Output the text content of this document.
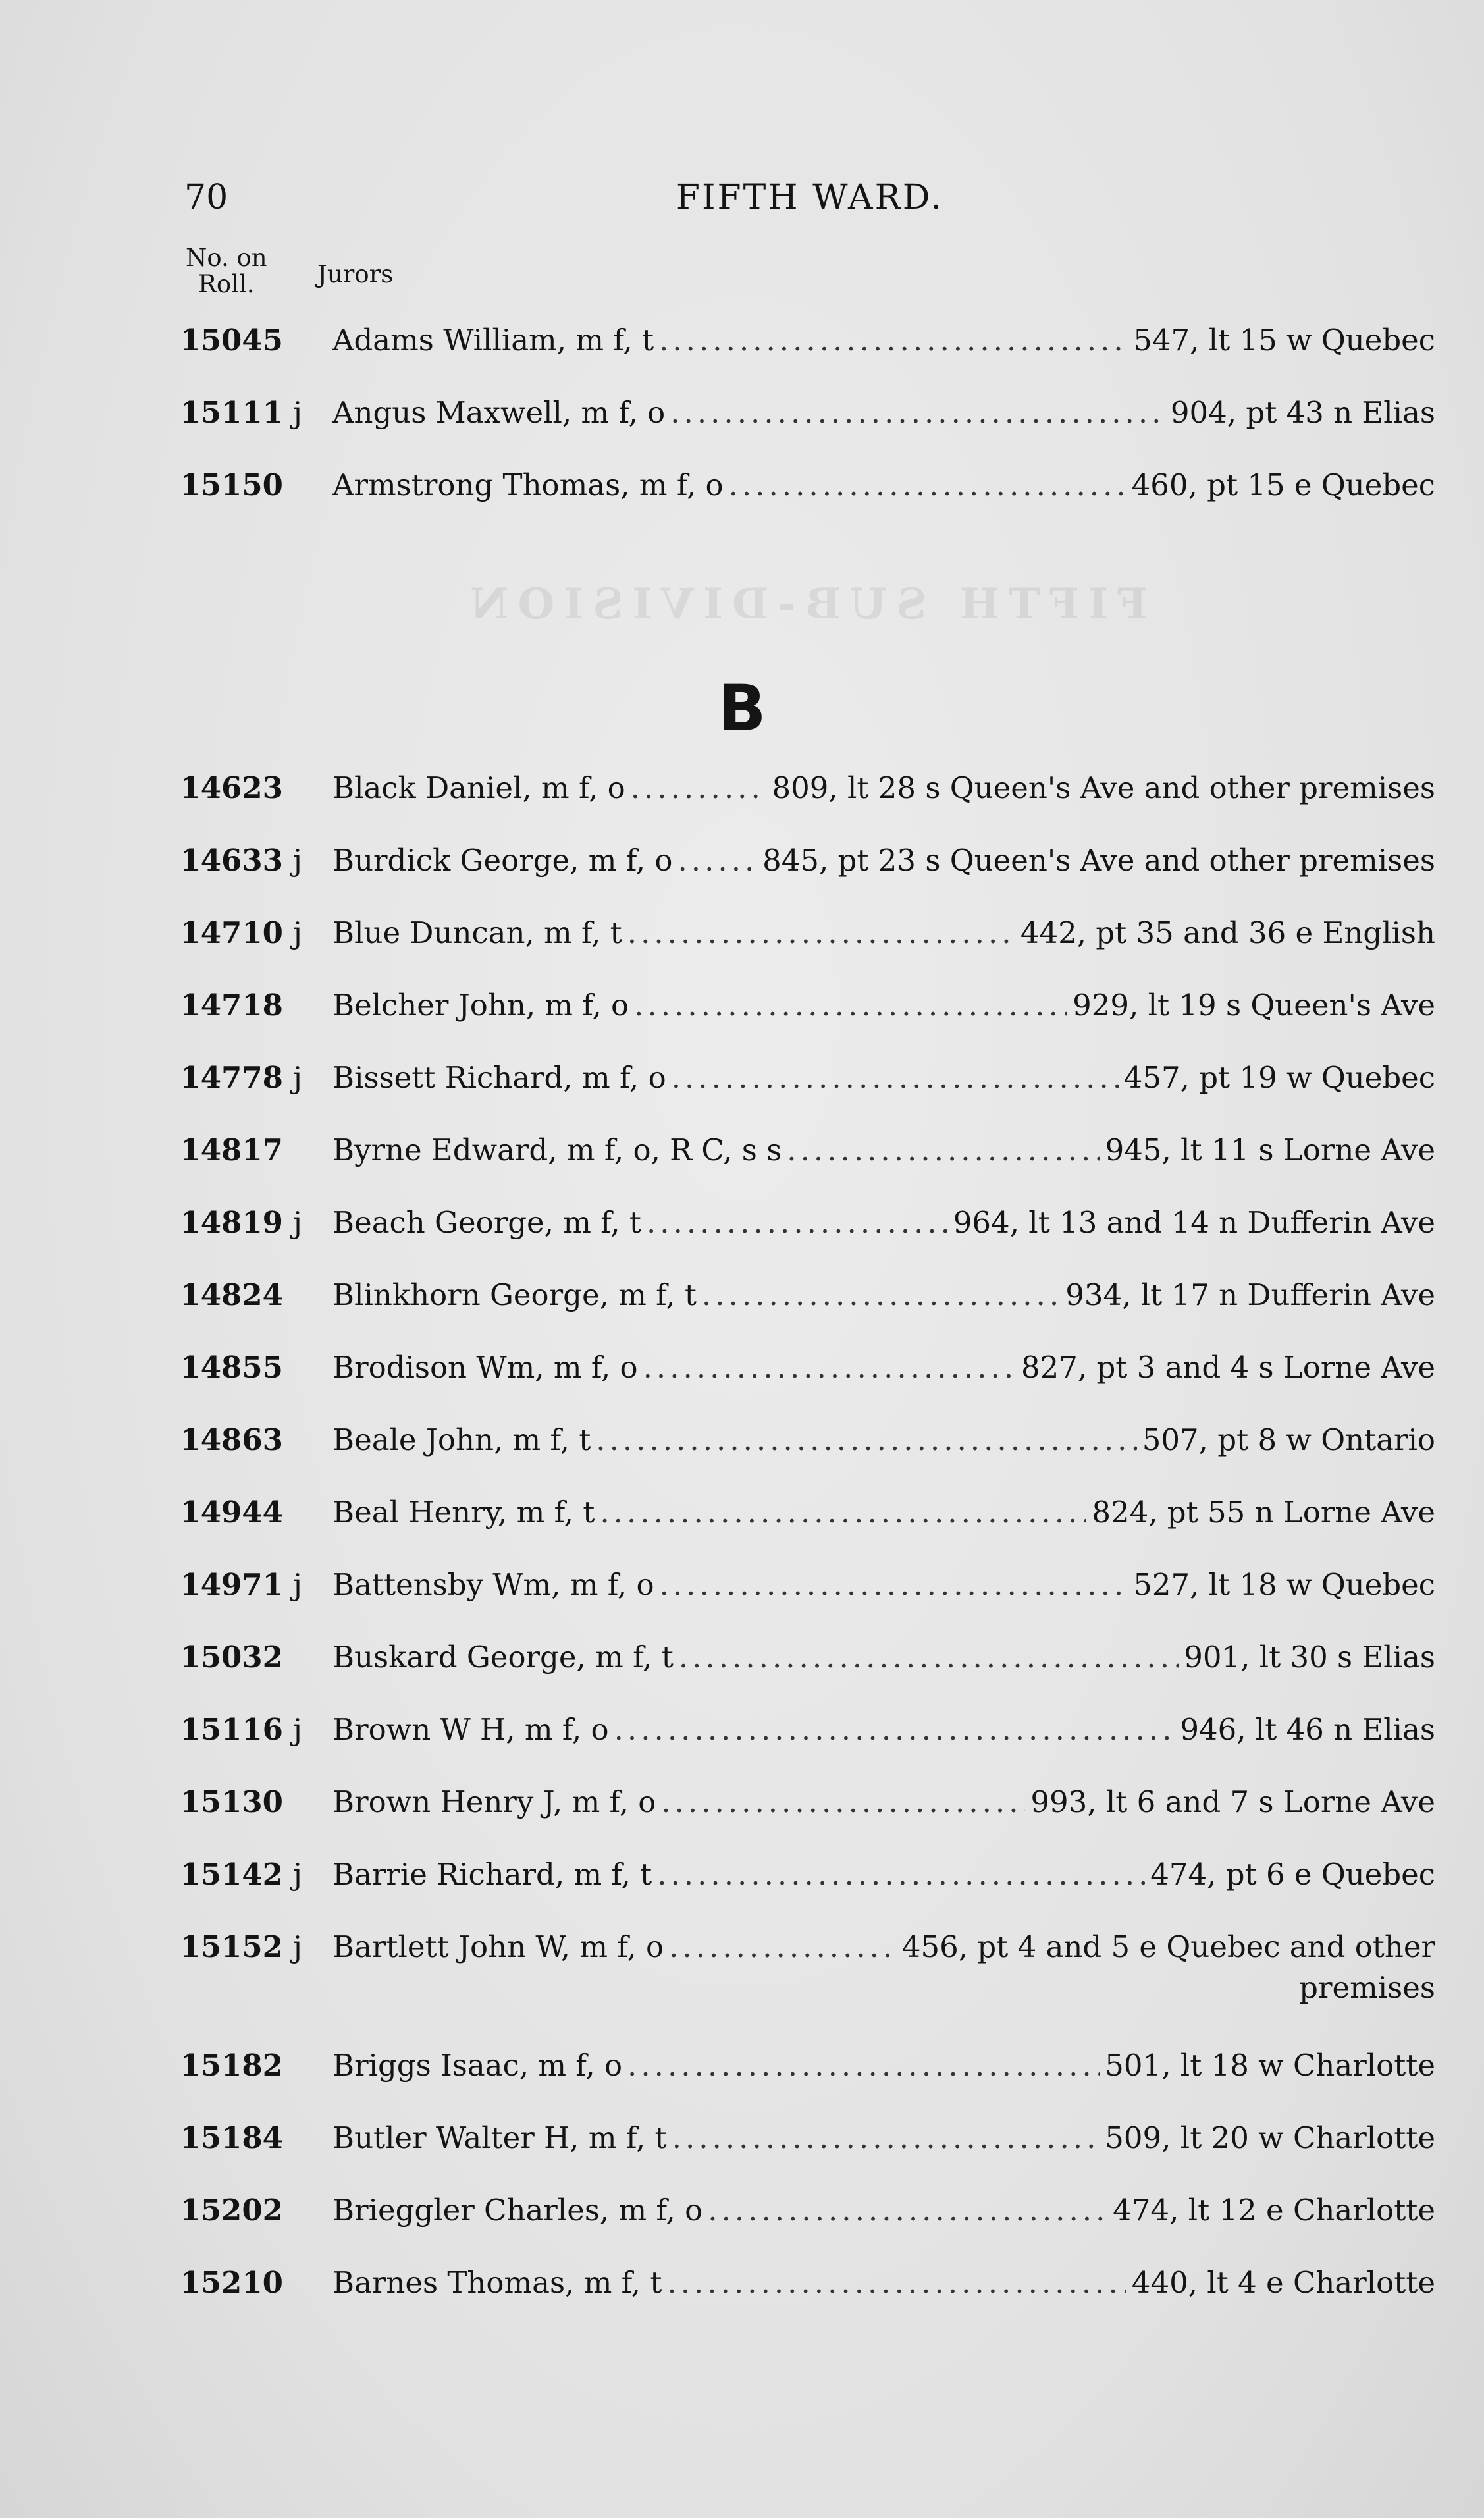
FIFTH SUB-DIVISION
70	FIFTH WARD.
No. on
Roll.	Jurors
15045 Adams William, m f, t .....	547, lt 15 w Quebec
15111 j	Angus Maxwell, m f, o .....	904, pt 43 n Elias
15150 Armstrong Thomas, m f, o .....	460, pt 15 e Quebec
B
14623 Black Daniel, m f, o .....	809, lt 28 s Queen's Ave and other premises
14633 j	Burdick George, m f, o .....	845, pt 23 s Queen's Ave and other premises
14710 j	Blue Duncan, m f, t .....	442, pt 35 and 36 e English
14718 Belcher John, m f, o .....	929, lt 19 s Queen's Ave
14778 j	Bissett Richard, m f, o .....	457, pt 19 w Quebec
14817 Byrne Edward, m f, o, R C, s s .....	945, lt 11 s Lorne Ave
14819 j	Beach George, m f, t .....	964, lt 13 and 14 n Dufferin Ave
14824 Blinkhorn George, m f, t .....	934, lt 17 n Dufferin Ave
14855 Brodison Wm, m f, o .....	827, pt 3 and 4 s Lorne Ave
14863 Beale John, m f, t .....	507, pt 8 w Ontario
14944 Beal Henry, m f, t .....	824, pt 55 n Lorne Ave
14971 j	Battensby Wm, m f, o .....	527, lt 18 w Quebec
15032 Buskard George, m f, t .....	901, lt 30 s Elias
15116 j	Brown W H, m f, o .....	946, lt 46 n Elias
15130 Brown Henry J, m f, o .....	993, lt 6 and 7 s Lorne Ave
15142 j	Barrie Richard, m f, t .....	474, pt 6 e Quebec
15152 j	Bartlett John W, m f, o .....	456, pt 4 and 5 e Quebec and other
premises
15182 Briggs Isaac, m f, o .....	501, lt 18 w Charlotte
15184 Butler Walter H, m f, t .....	509, lt 20 w Charlotte
15202 Brieggler Charles, m f, o .....	474, lt 12 e Charlotte
15210 Barnes Thomas, m f, t .....	440, lt 4 e Charlotte
